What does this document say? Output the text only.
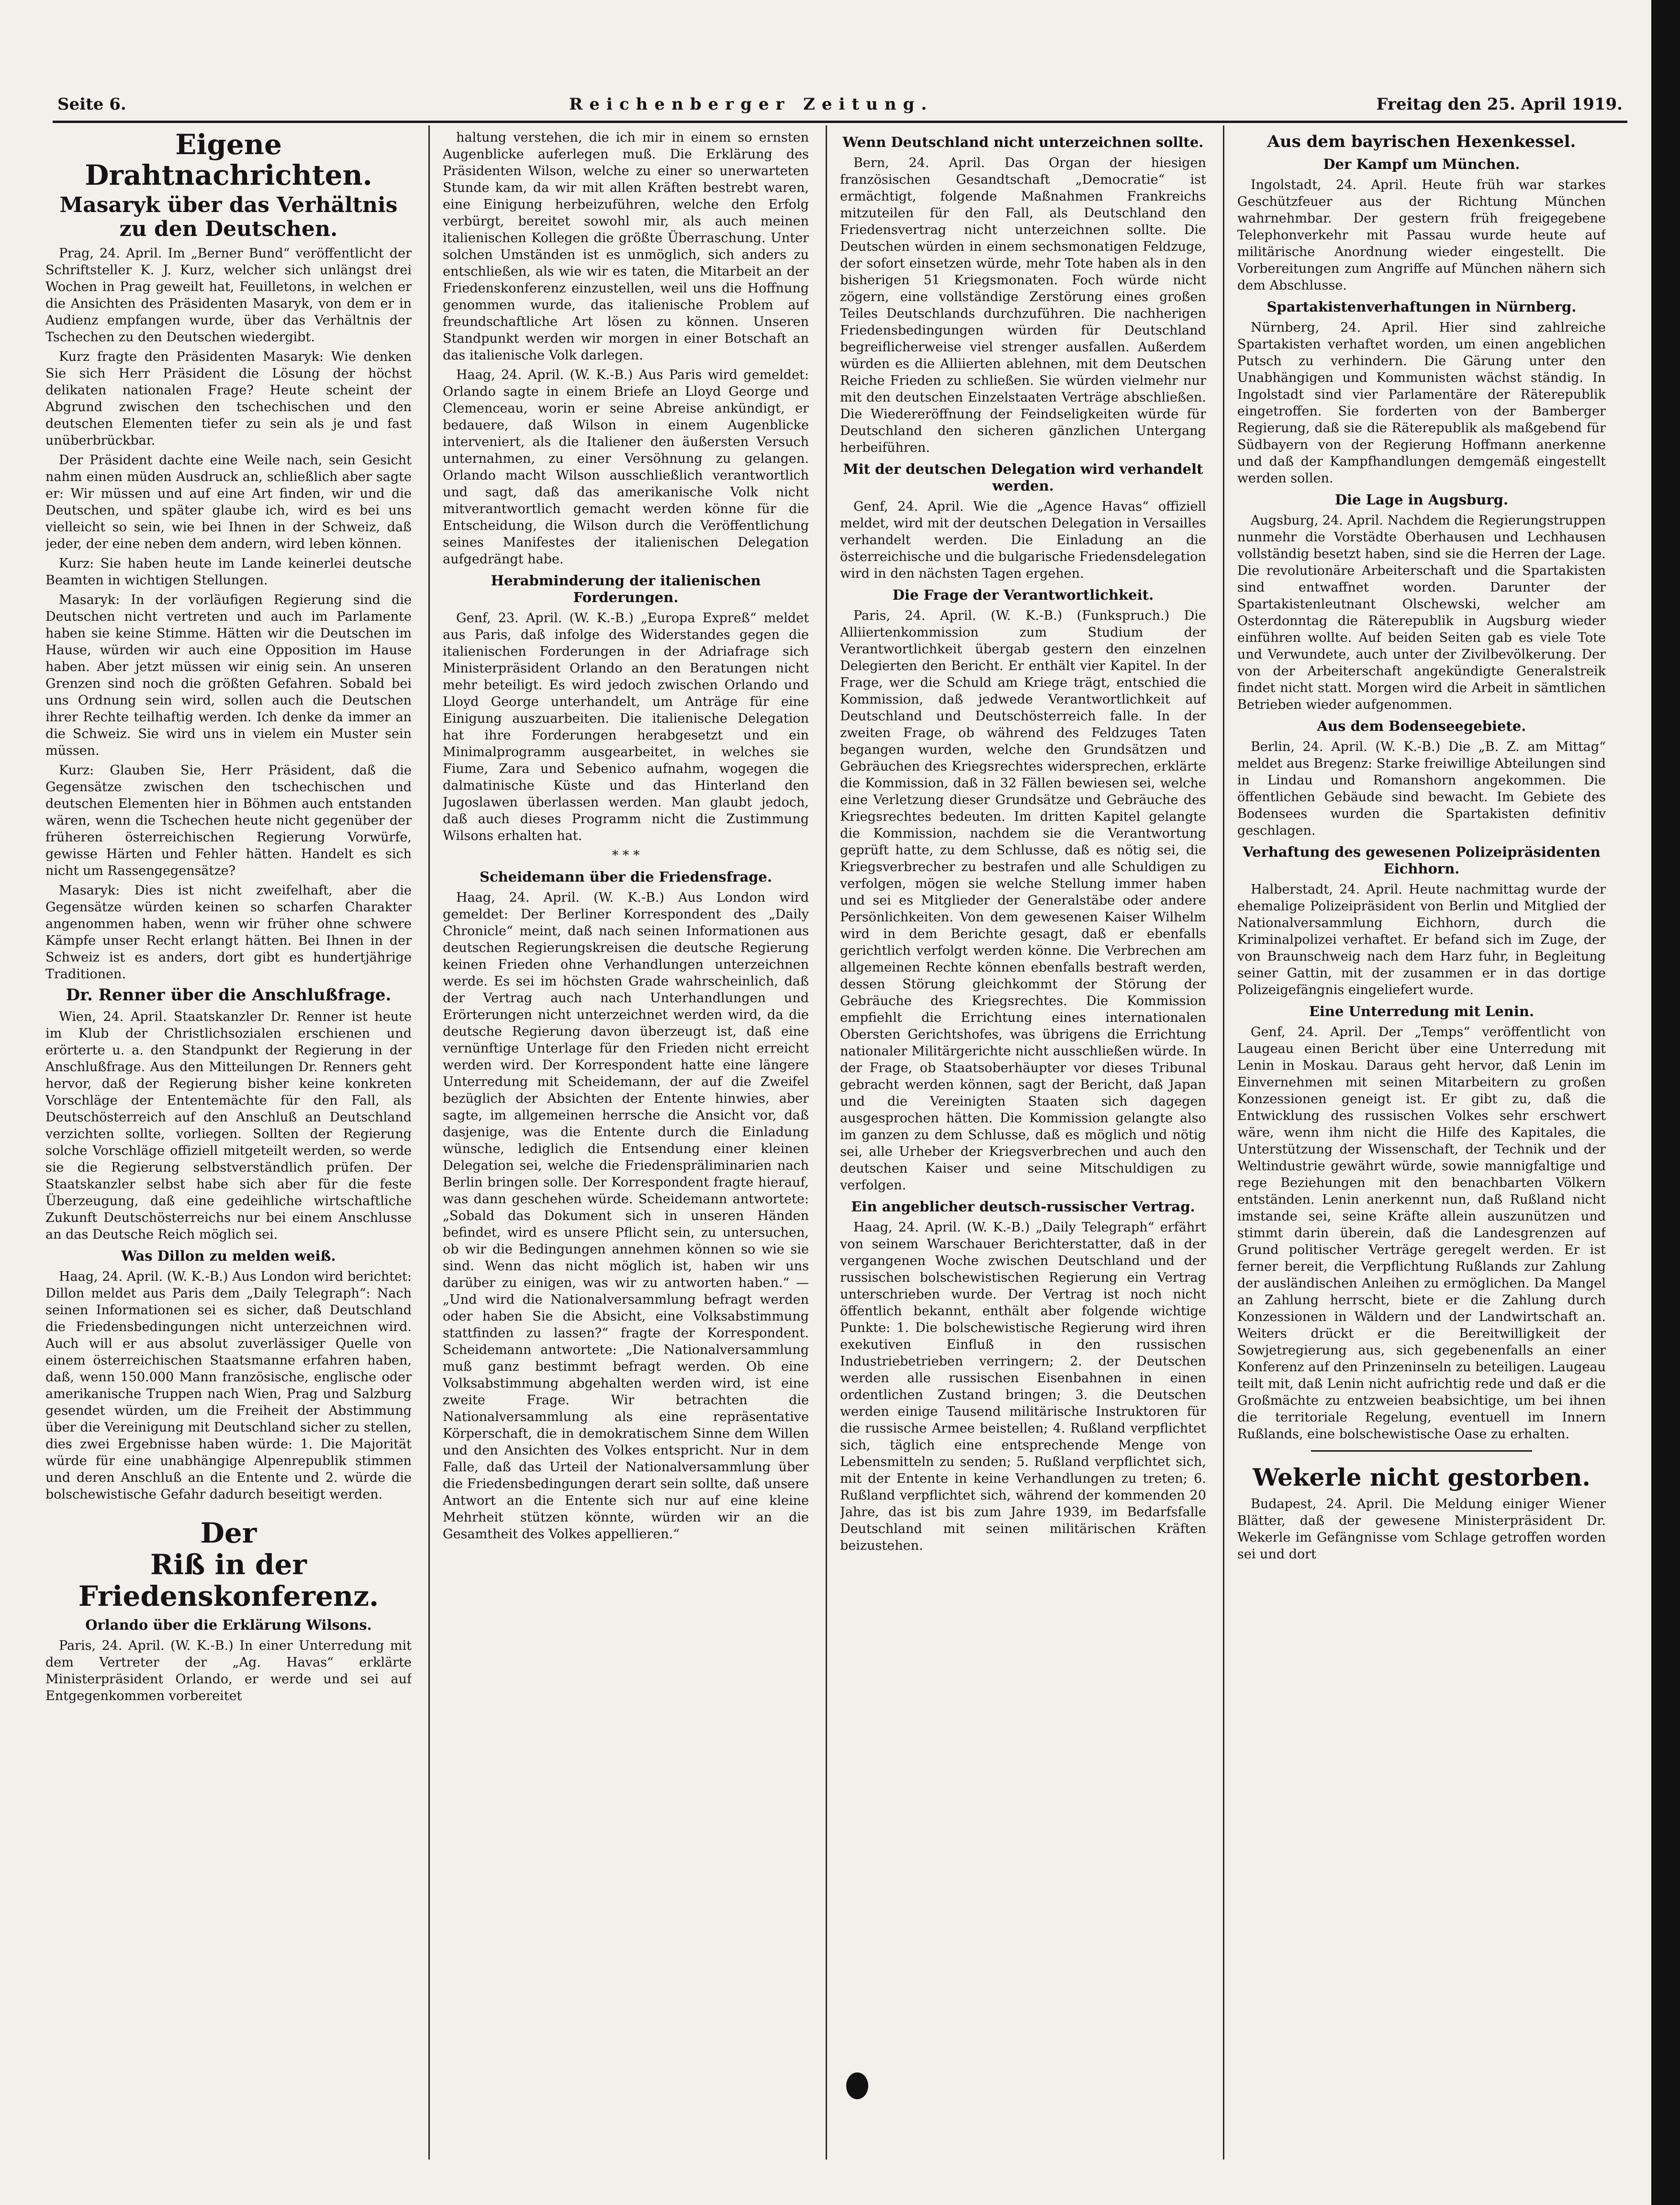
Seite 6.	Reichenberger Zeitung.	Freitag den 25. April 1919.
Eigene Drahtnachrichten.
Masaryk über das Verhältnis zu den Deutschen.

Prag, 24. April. Im „Berner Bund“ veröffentlicht der Schriftsteller K. J. Kurz, welcher sich unlängst drei Wochen in Prag geweilt hat, Feuilletons, in welchen er die Ansichten des Präsidenten Masaryk, von dem er in Audienz empfangen wurde, über das Verhältnis der Tschechen zu den Deutschen wiedergibt.

Kurz fragte den Präsidenten Masaryk: Wie denken Sie sich Herr Präsident die Lösung der höchst delikaten nationalen Frage? Heute scheint der Abgrund zwischen den tschechischen und den deutschen Elementen tiefer zu sein als je und fast unüberbrückbar.

Der Präsident dachte eine Weile nach, sein Gesicht nahm einen müden Ausdruck an, schließlich aber sagte er: Wir müssen und auf eine Art finden, wir und die Deutschen, und später glaube ich, wird es bei uns vielleicht so sein, wie bei Ihnen in der Schweiz, daß jeder, der eine neben dem andern, wird leben können.

Kurz: Sie haben heute im Lande keinerlei deutsche Beamten in wichtigen Stellungen.

Masaryk: In der vorläufigen Regierung sind die Deutschen nicht vertreten und auch im Parlamente haben sie keine Stimme. Hätten wir die Deutschen im Hause, würden wir auch eine Opposition im Hause haben. Aber jetzt müssen wir einig sein. An unseren Grenzen sind noch die größten Gefahren. Sobald bei uns Ordnung sein wird, sollen auch die Deutschen ihrer Rechte teilhaftig werden. Ich denke da immer an die Schweiz. Sie wird uns in vielem ein Muster sein müssen.

Kurz: Glauben Sie, Herr Präsident, daß die Gegensätze zwischen den tschechischen und deutschen Elementen hier in Böhmen auch entstanden wären, wenn die Tschechen heute nicht gegenüber der früheren österreichischen Regierung Vorwürfe, gewisse Härten und Fehler hätten. Handelt es sich nicht um Rassengegensätze?

Masaryk: Dies ist nicht zweifelhaft, aber die Gegensätze würden keinen so scharfen Charakter angenommen haben, wenn wir früher ohne schwere Kämpfe unser Recht erlangt hätten. Bei Ihnen in der Schweiz ist es anders, dort gibt es hundertjährige Traditionen.

Dr. Renner über die Anschlußfrage.

Wien, 24. April. Staatskanzler Dr. Renner ist heute im Klub der Christlichsozialen erschienen und erörterte u. a. den Standpunkt der Regierung in der Anschlußfrage. Aus den Mitteilungen Dr. Renners geht hervor, daß der Regierung bisher keine konkreten Vorschläge der Ententemächte für den Fall, als Deutschösterreich auf den Anschluß an Deutschland verzichten sollte, vorliegen. Sollten der Regierung solche Vorschläge offiziell mitgeteilt werden, so werde sie die Regierung selbstverständlich prüfen. Der Staatskanzler selbst habe sich aber für die feste Überzeugung, daß eine gedeihliche wirtschaftliche Zukunft Deutschösterreichs nur bei einem Anschlusse an das Deutsche Reich möglich sei.

Was Dillon zu melden weiß.

Haag, 24. April. (W. K.-B.) Aus London wird berichtet: Dillon meldet aus Paris dem „Daily Telegraph“: Nach seinen Informationen sei es sicher, daß Deutschland die Friedensbedingungen nicht unterzeichnen wird. Auch will er aus absolut zuverlässiger Quelle von einem österreichischen Staatsmanne erfahren haben, daß, wenn 150.000 Mann französische, englische oder amerikanische Truppen nach Wien, Prag und Salzburg gesendet würden, um die Freiheit der Abstimmung über die Vereinigung mit Deutschland sicher zu stellen, dies zwei Ergebnisse haben würde: 1. Die Majorität würde für eine unabhängige Alpenrepublik stimmen und deren Anschluß an die Entente und 2. würde die bolschewistische Gefahr dadurch beseitigt werden.

Der
Riß in der Friedenskonferenz.
Orlando über die Erklärung Wilsons.

Paris, 24. April. (W. K.-B.) In einer Unterredung mit dem Vertreter der „Ag. Havas“ erklärte Ministerpräsident Orlando, er werde und sei auf Entgegenkommen vorbereitet

haltung verstehen, die ich mir in einem so ernsten Augenblicke auferlegen muß. Die Erklärung des Präsidenten Wilson, welche zu einer so unerwarteten Stunde kam, da wir mit allen Kräften bestrebt waren, eine Einigung herbeizuführen, welche den Erfolg verbürgt, bereitet sowohl mir, als auch meinen italienischen Kollegen die größte Überraschung. Unter solchen Umständen ist es unmöglich, sich anders zu entschließen, als wie wir es taten, die Mitarbeit an der Friedenskonferenz einzustellen, weil uns die Hoffnung genommen wurde, das italienische Problem auf freundschaftliche Art lösen zu können. Unseren Standpunkt werden wir morgen in einer Botschaft an das italienische Volk darlegen.

Haag, 24. April. (W. K.-B.) Aus Paris wird gemeldet: Orlando sagte in einem Briefe an Lloyd George und Clemenceau, worin er seine Abreise ankündigt, er bedauere, daß Wilson in einem Augenblicke interveniert, als die Italiener den äußersten Versuch unternahmen, zu einer Versöhnung zu gelangen. Orlando macht Wilson ausschließlich verantwortlich und sagt, daß das amerikanische Volk nicht mitverantwortlich gemacht werden könne für die Entscheidung, die Wilson durch die Veröffentlichung seines Manifestes der italienischen Delegation aufgedrängt habe.

Herabminderung der italienischen Forderungen.

Genf, 23. April. (W. K.-B.) „Europa Expreß“ meldet aus Paris, daß infolge des Widerstandes gegen die italienischen Forderungen in der Adriafrage sich Ministerpräsident Orlando an den Beratungen nicht mehr beteiligt. Es wird jedoch zwischen Orlando und Lloyd George unterhandelt, um Anträge für eine Einigung auszuarbeiten. Die italienische Delegation hat ihre Forderungen herabgesetzt und ein Minimalprogramm ausgearbeitet, in welches sie Fiume, Zara und Sebenico aufnahm, wogegen die dalmatinische Küste und das Hinterland den Jugoslawen überlassen werden. Man glaubt jedoch, daß auch dieses Programm nicht die Zustimmung Wilsons erhalten hat.

* * *

Scheidemann über die Friedensfrage.

Haag, 24. April. (W. K.-B.) Aus London wird gemeldet: Der Berliner Korrespondent des „Daily Chronicle“ meint, daß nach seinen Informationen aus deutschen Regierungskreisen die deutsche Regierung keinen Frieden ohne Verhandlungen unterzeichnen werde. Es sei im höchsten Grade wahrscheinlich, daß der Vertrag auch nach Unterhandlungen und Erörterungen nicht unterzeichnet werden wird, da die deutsche Regierung davon überzeugt ist, daß eine vernünftige Unterlage für den Frieden nicht erreicht werden wird. Der Korrespondent hatte eine längere Unterredung mit Scheidemann, der auf die Zweifel bezüglich der Absichten der Entente hinwies, aber sagte, im allgemeinen herrsche die Ansicht vor, daß dasjenige, was die Entente durch die Einladung wünsche, lediglich die Entsendung einer kleinen Delegation sei, welche die Friedenspräliminarien nach Berlin bringen solle. Der Korrespondent fragte hierauf, was dann geschehen würde. Scheidemann antwortete: „Sobald das Dokument sich in unseren Händen befindet, wird es unsere Pflicht sein, zu untersuchen, ob wir die Bedingungen annehmen können so wie sie sind. Wenn das nicht möglich ist, haben wir uns darüber zu einigen, was wir zu antworten haben.“ — „Und wird die Nationalversammlung befragt werden oder haben Sie die Absicht, eine Volksabstimmung stattfinden zu lassen?“ fragte der Korrespondent. Scheidemann antwortete: „Die Nationalversammlung muß ganz bestimmt befragt werden. Ob eine Volksabstimmung abgehalten werden wird, ist eine zweite Frage. Wir betrachten die Nationalversammlung als eine repräsentative Körperschaft, die in demokratischem Sinne dem Willen und den Ansichten des Volkes entspricht. Nur in dem Falle, daß das Urteil der Nationalversammlung über die Friedensbedingungen derart sein sollte, daß unsere Antwort an die Entente sich nur auf eine kleine Mehrheit stützen könnte, würden wir an die Gesamtheit des Volkes appellieren.“

Wenn Deutschland nicht unterzeichnen sollte.

Bern, 24. April. Das Organ der hiesigen französischen Gesandtschaft „Democratie“ ist ermächtigt, folgende Maßnahmen Frankreichs mitzuteilen für den Fall, als Deutschland den Friedensvertrag nicht unterzeichnen sollte. Die Deutschen würden in einem sechsmonatigen Feldzuge, der sofort einsetzen würde, mehr Tote haben als in den bisherigen 51 Kriegsmonaten. Foch würde nicht zögern, eine vollständige Zerstörung eines großen Teiles Deutschlands durchzuführen. Die nachherigen Friedensbedingungen würden für Deutschland begreiflicherweise viel strenger ausfallen. Außerdem würden es die Alliierten ablehnen, mit dem Deutschen Reiche Frieden zu schließen. Sie würden vielmehr nur mit den deutschen Einzelstaaten Verträge abschließen. Die Wiedereröffnung der Feindseligkeiten würde für Deutschland den sicheren gänzlichen Untergang herbeiführen.

Mit der deutschen Delegation wird verhandelt werden.

Genf, 24. April. Wie die „Agence Havas“ offiziell meldet, wird mit der deutschen Delegation in Versailles verhandelt werden. Die Einladung an die österreichische und die bulgarische Friedensdelegation wird in den nächsten Tagen ergehen.

Die Frage der Verantwortlichkeit.

Paris, 24. April. (W. K.-B.) (Funkspruch.) Die Alliiertenkommission zum Studium der Verantwortlichkeit übergab gestern den einzelnen Delegierten den Bericht. Er enthält vier Kapitel. In der Frage, wer die Schuld am Kriege trägt, entschied die Kommission, daß jedwede Verantwortlichkeit auf Deutschland und Deutschösterreich falle. In der zweiten Frage, ob während des Feldzuges Taten begangen wurden, welche den Grundsätzen und Gebräuchen des Kriegsrechtes widersprechen, erklärte die Kommission, daß in 32 Fällen bewiesen sei, welche eine Verletzung dieser Grundsätze und Gebräuche des Kriegsrechtes bedeuten. Im dritten Kapitel gelangte die Kommission, nachdem sie die Verantwortung geprüft hatte, zu dem Schlusse, daß es nötig sei, die Kriegsverbrecher zu bestrafen und alle Schuldigen zu verfolgen, mögen sie welche Stellung immer haben und sei es Mitglieder der Generalstäbe oder andere Persönlichkeiten. Von dem gewesenen Kaiser Wilhelm wird in dem Berichte gesagt, daß er ebenfalls gerichtlich verfolgt werden könne. Die Verbrechen am allgemeinen Rechte können ebenfalls bestraft werden, dessen Störung gleichkommt der Störung der Gebräuche des Kriegsrechtes. Die Kommission empfiehlt die Errichtung eines internationalen Obersten Gerichtshofes, was übrigens die Errichtung nationaler Militärgerichte nicht ausschließen würde. In der Frage, ob Staatsoberhäupter vor dieses Tribunal gebracht werden können, sagt der Bericht, daß Japan und die Vereinigten Staaten sich dagegen ausgesprochen hätten. Die Kommission gelangte also im ganzen zu dem Schlusse, daß es möglich und nötig sei, alle Urheber der Kriegsverbrechen und auch den deutschen Kaiser und seine Mitschuldigen zu verfolgen.

Ein angeblicher deutsch-russischer Vertrag.

Haag, 24. April. (W. K.-B.) „Daily Telegraph“ erfährt von seinem Warschauer Berichterstatter, daß in der vergangenen Woche zwischen Deutschland und der russischen bolschewistischen Regierung ein Vertrag unterschrieben wurde. Der Vertrag ist noch nicht öffentlich bekannt, enthält aber folgende wichtige Punkte: 1. Die bolschewistische Regierung wird ihren exekutiven Einfluß in den russischen Industriebetrieben verringern; 2. der Deutschen werden alle russischen Eisenbahnen in einen ordentlichen Zustand bringen; 3. die Deutschen werden einige Tausend militärische Instruktoren für die russische Armee beistellen; 4. Rußland verpflichtet sich, täglich eine entsprechende Menge von Lebensmitteln zu senden; 5. Rußland verpflichtet sich, mit der Entente in keine Verhandlungen zu treten; 6. Rußland verpflichtet sich, während der kommenden 20 Jahre, das ist bis zum Jahre 1939, im Bedarfsfalle Deutschland mit seinen militärischen Kräften beizustehen.

Aus dem bayrischen Hexenkessel.
Der Kampf um München.

Ingolstadt, 24. April. Heute früh war starkes Geschützfeuer aus der Richtung München wahrnehmbar. Der gestern früh freigegebene Telephonverkehr mit Passau wurde heute auf militärische Anordnung wieder eingestellt. Die Vorbereitungen zum Angriffe auf München nähern sich dem Abschlusse.

Spartakistenverhaftungen in Nürnberg.

Nürnberg, 24. April. Hier sind zahlreiche Spartakisten verhaftet worden, um einen angeblichen Putsch zu verhindern. Die Gärung unter den Unabhängigen und Kommunisten wächst ständig. In Ingolstadt sind vier Parlamentäre der Räterepublik eingetroffen. Sie forderten von der Bamberger Regierung, daß sie die Räterepublik als maßgebend für Südbayern von der Regierung Hoffmann anerkenne und daß der Kampfhandlungen demgemäß eingestellt werden sollen.

Die Lage in Augsburg.

Augsburg, 24. April. Nachdem die Regierungstruppen nunmehr die Vorstädte Oberhausen und Lechhausen vollständig besetzt haben, sind sie die Herren der Lage. Die revolutionäre Arbeiterschaft und die Spartakisten sind entwaffnet worden. Darunter der Spartakistenleutnant Olschewski, welcher am Osterdonntag die Räterepublik in Augsburg wieder einführen wollte. Auf beiden Seiten gab es viele Tote und Verwundete, auch unter der Zivilbevölkerung. Der von der Arbeiterschaft angekündigte Generalstreik findet nicht statt. Morgen wird die Arbeit in sämtlichen Betrieben wieder aufgenommen.

Aus dem Bodenseegebiete.

Berlin, 24. April. (W. K.-B.) Die „B. Z. am Mittag“ meldet aus Bregenz: Starke freiwillige Abteilungen sind in Lindau und Romanshorn angekommen. Die öffentlichen Gebäude sind bewacht. Im Gebiete des Bodensees wurden die Spartakisten definitiv geschlagen.

Verhaftung des gewesenen Polizeipräsidenten Eichhorn.

Halberstadt, 24. April. Heute nachmittag wurde der ehemalige Polizeipräsident von Berlin und Mitglied der Nationalversammlung Eichhorn, durch die Kriminalpolizei verhaftet. Er befand sich im Zuge, der von Braunschweig nach dem Harz fuhr, in Begleitung seiner Gattin, mit der zusammen er in das dortige Polizeigefängnis eingeliefert wurde.

Eine Unterredung mit Lenin.

Genf, 24. April. Der „Temps“ veröffentlicht von Laugeau einen Bericht über eine Unterredung mit Lenin in Moskau. Daraus geht hervor, daß Lenin im Einvernehmen mit seinen Mitarbeitern zu großen Konzessionen geneigt ist. Er gibt zu, daß die Entwicklung des russischen Volkes sehr erschwert wäre, wenn ihm nicht die Hilfe des Kapitales, die Unterstützung der Wissenschaft, der Technik und der Weltindustrie gewährt würde, sowie mannigfaltige und rege Beziehungen mit den benachbarten Völkern entständen. Lenin anerkennt nun, daß Rußland nicht imstande sei, seine Kräfte allein auszunützen und stimmt darin überein, daß die Landesgrenzen auf Grund politischer Verträge geregelt werden. Er ist ferner bereit, die Verpflichtung Rußlands zur Zahlung der ausländischen Anleihen zu ermöglichen. Da Mangel an Zahlung herrscht, biete er die Zahlung durch Konzessionen in Wäldern und der Landwirtschaft an. Weiters drückt er die Bereitwilligkeit der Sowjetregierung aus, sich gegebenenfalls an einer Konferenz auf den Prinzeninseln zu beteiligen. Laugeau teilt mit, daß Lenin nicht aufrichtig rede und daß er die Großmächte zu entzweien beabsichtige, um bei ihnen die territoriale Regelung, eventuell im Innern Rußlands, eine bolschewistische Oase zu erhalten.

Wekerle nicht gestorben.

Budapest, 24. April. Die Meldung einiger Wiener Blätter, daß der gewesene Ministerpräsident Dr. Wekerle im Gefängnisse vom Schlage getroffen worden sei und dort
